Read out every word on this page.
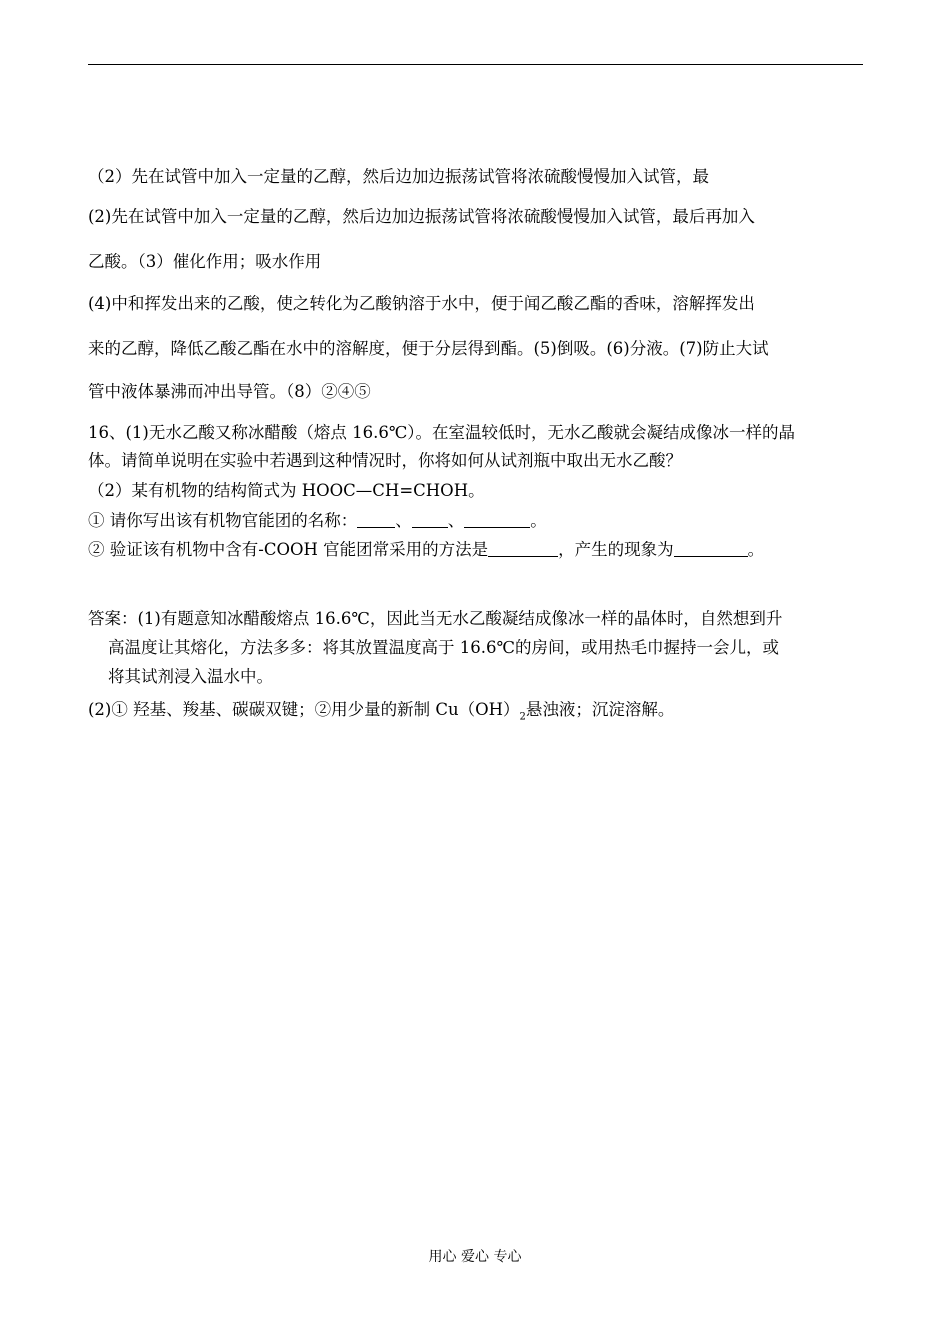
（2）先在试管中加入一定量的乙醇，然后边加边振荡试管将浓硫酸慢慢加入试管，最
(2)先在试管中加入一定量的乙醇，然后边加边振荡试管将浓硫酸慢慢加入试管，最后再加入
乙酸。（3）催化作用；吸水作用
(4)中和挥发出来的乙酸，使之转化为乙酸钠溶于水中，便于闻乙酸乙酯的香味，溶解挥发出
来的乙醇，降低乙酸乙酯在水中的溶解度，便于分层得到酯。(5)倒吸。(6)分液。(7)防止大试
管中液体暴沸而冲出导管。（8）②④⑤
16、(1)无水乙酸又称冰醋酸（熔点 16.6℃）。在室温较低时，无水乙酸就会凝结成像冰一样的晶
体。请简单说明在实验中若遇到这种情况时，你将如何从试剂瓶中取出无水乙酸？
（2）某有机物的结构简式为 HOOC—CH=CHOH。
① 请你写出该有机物官能团的名称： 、 、	。
② 验证该有机物中含有-COOH 官能团常采用的方法是	，产生的现象为	。
答案：(1)有题意知冰醋酸熔点 16.6℃，因此当无水乙酸凝结成像冰一样的晶体时，自然想到升
高温度让其熔化，方法多多：将其放置温度高于 16.6℃的房间，或用热毛巾握持一会儿，或
将其试剂浸入温水中。
(2)① 羟基、羧基、碳碳双键；②用少量的新制 $Cu(OH)_2$悬浊液；沉淀溶解。
用心 爱心 专心
